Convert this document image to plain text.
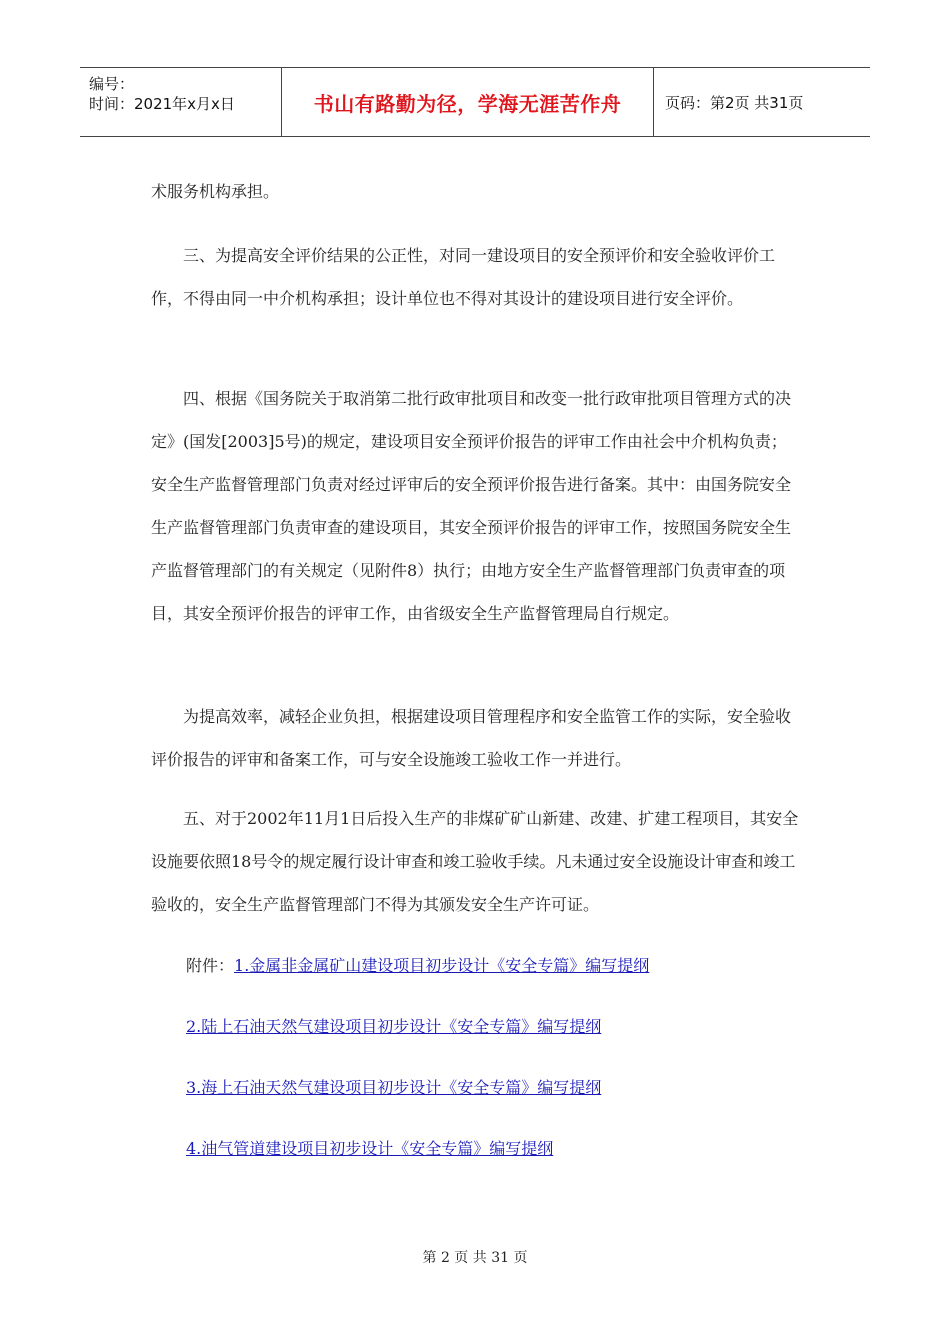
编号：
时间：2021年x月x日	书山有路勤为径，学海无涯苦作舟	页码：第2页 共31页

术服务机构承担。

三、为提高安全评价结果的公正性，对同一建设项目的安全预评价和安全验收评价工作，不得由同一中介机构承担；设计单位也不得对其设计的建设项目进行安全评价。

四、根据《国务院关于取消第二批行政审批项目和改变一批行政审批项目管理方式的决定》(国发[2003]5号)的规定，建设项目安全预评价报告的评审工作由社会中介机构负责；安全生产监督管理部门负责对经过评审后的安全预评价报告进行备案。其中：由国务院安全生产监督管理部门负责审查的建设项目，其安全预评价报告的评审工作，按照国务院安全生产监督管理部门的有关规定（见附件8）执行；由地方安全生产监督管理部门负责审查的项目，其安全预评价报告的评审工作，由省级安全生产监督管理局自行规定。

为提高效率，减轻企业负担，根据建设项目管理程序和安全监管工作的实际，安全验收评价报告的评审和备案工作，可与安全设施竣工验收工作一并进行。

五、对于2002年11月1日后投入生产的非煤矿矿山新建、改建、扩建工程项目，其安全设施要依照18号令的规定履行设计审查和竣工验收手续。凡未通过安全设施设计审查和竣工验收的，安全生产监督管理部门不得为其颁发安全生产许可证。

附件：1.金属非金属矿山建设项目初步设计《安全专篇》编写提纲

2.陆上石油天然气建设项目初步设计《安全专篇》编写提纲

3.海上石油天然气建设项目初步设计《安全专篇》编写提纲

4.油气管道建设项目初步设计《安全专篇》编写提纲

第 2 页 共 31 页
